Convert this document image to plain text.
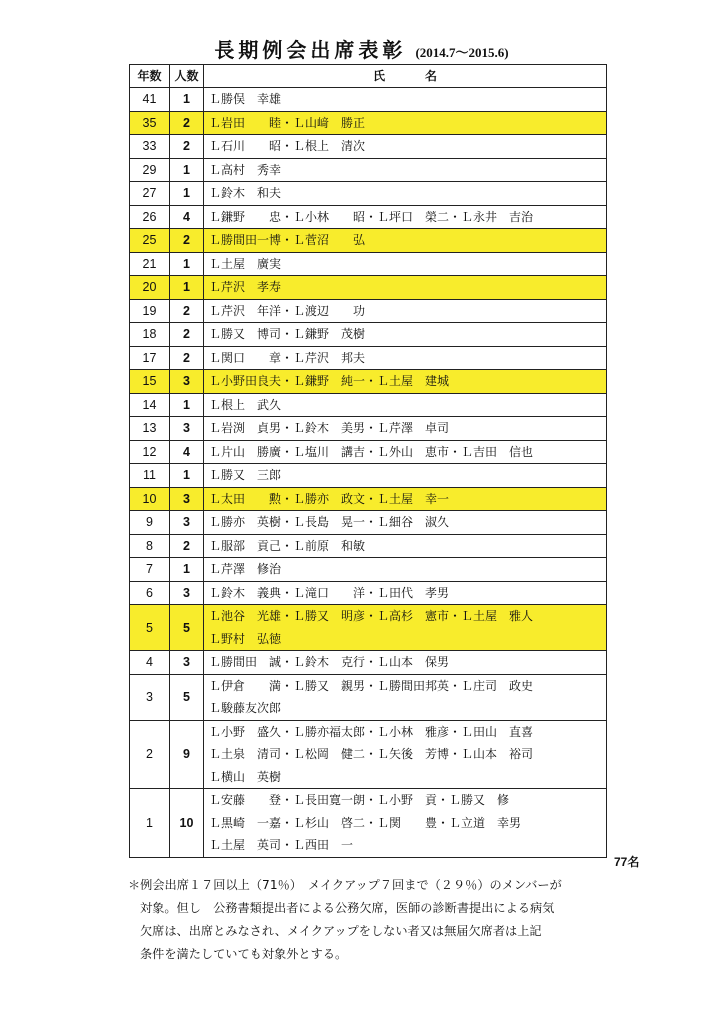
長期例会出席表彰 (2014.7〜2015.6)
年数	人数	氏名
41	1	Ｌ勝俣　幸雄
35	2	Ｌ岩田　　睦・Ｌ山﨑　勝正
33	2	Ｌ石川　　昭・Ｌ根上　清次
29	1	Ｌ高村　秀幸
27	1	Ｌ鈴木　和夫
26	4	Ｌ鎌野　　忠・Ｌ小林　　昭・Ｌ坪口　榮二・Ｌ永井　吉治
25	2	Ｌ勝間田一博・Ｌ菅沼　　弘
21	1	Ｌ土屋　廣実
20	1	Ｌ芹沢　孝寿
19	2	Ｌ芹沢　年洋・Ｌ渡辺　　功
18	2	Ｌ勝又　博司・Ｌ鎌野　茂樹
17	2	Ｌ関口　　章・Ｌ芹沢　邦夫
15	3	Ｌ小野田良夫・Ｌ鎌野　純一・Ｌ土屋　建城
14	1	Ｌ根上　武久
13	3	Ｌ岩渕　貞男・Ｌ鈴木　美男・Ｌ芹澤　卓司
12	4	Ｌ片山　勝廣・Ｌ塩川　講吉・Ｌ外山　恵市・Ｌ吉田　信也
11	1	Ｌ勝又　三郎
10	3	Ｌ太田　　勲・Ｌ勝亦　政文・Ｌ土屋　幸一
9	3	Ｌ勝亦　英樹・Ｌ長島　晃一・Ｌ細谷　淑久
8	2	Ｌ服部　貢己・Ｌ前原　和敏
7	1	Ｌ芹澤　修治
6	3	Ｌ鈴木　義典・Ｌ滝口　　洋・Ｌ田代　孝男
5	5	Ｌ池谷　光雄・Ｌ勝又　明彦・Ｌ高杉　憲市・Ｌ土屋　雅人
		Ｌ野村　弘徳
4	3	Ｌ勝間田　誠・Ｌ鈴木　克行・Ｌ山本　保男
3	5	Ｌ伊倉　　満・Ｌ勝又　親男・Ｌ勝間田邦英・Ｌ庄司　政史
		Ｌ駿藤友次郎
2	9	Ｌ小野　盛久・Ｌ勝亦福太郎・Ｌ小林　雅彦・Ｌ田山　直喜
		Ｌ土泉　清司・Ｌ松岡　健二・Ｌ矢後　芳博・Ｌ山本　裕司
		Ｌ横山　英樹
1	10	Ｌ安藤　　登・Ｌ長田寛一朗・Ｌ小野　貢・Ｌ勝又　修
		Ｌ黒崎　一嘉・Ｌ杉山　啓二・Ｌ関　　豊・Ｌ立道　幸男
		Ｌ土屋　英司・Ｌ西田　一
77名
＊例会出席１７回以上（71％）　メイクアップ７回まで（２９％）のメンバーが
対象。但し　公務書類提出者による公務欠席，医師の診断書提出による病気
欠席は、出席とみなされ、メイクアップをしない者又は無届欠席者は上記
条件を満たしていても対象外とする。
